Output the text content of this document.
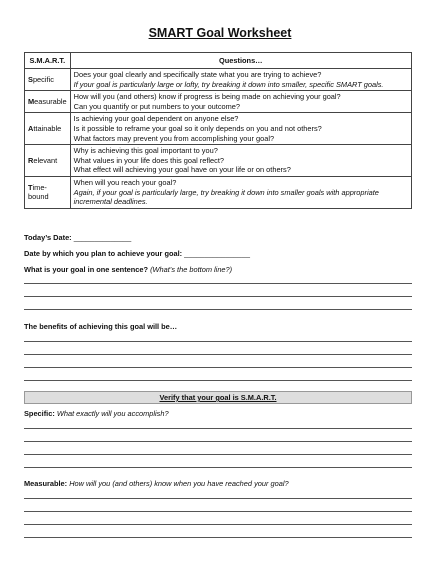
SMART Goal Worksheet
S.M.A.R.T.	Questions…
Specific	Does your goal clearly and specifically state what you are trying to achieve?
If your goal is particularly large or lofty, try breaking it down into smaller, specific SMART goals.

Measurable	How will you (and others) know if progress is being made on achieving your goal?
Can you quantify or put numbers to your outcome?

Attainable	Is achieving your goal dependent on anyone else?
Is it possible to reframe your goal so it only depends on you and not others?
What factors may prevent you from accomplishing your goal?

Relevant	Why is achieving this goal important to you?
What values in your life does this goal reflect?
What effect will achieving your goal have on your life or on others?

Time-bound	When will you reach your goal?
Again, if your goal is particularly large, try breaking it down into smaller goals with appropriate
incremental deadlines.
Today’s Date: ______________
Date by which you plan to achieve your goal: ________________
What is your goal in one sentence? (What’s the bottom line?)
The benefits of achieving this goal will be…
Verify that your goal is S.M.A.R.T.
Specific: What exactly will you accomplish?
Measurable: How will you (and others) know when you have reached your goal?
